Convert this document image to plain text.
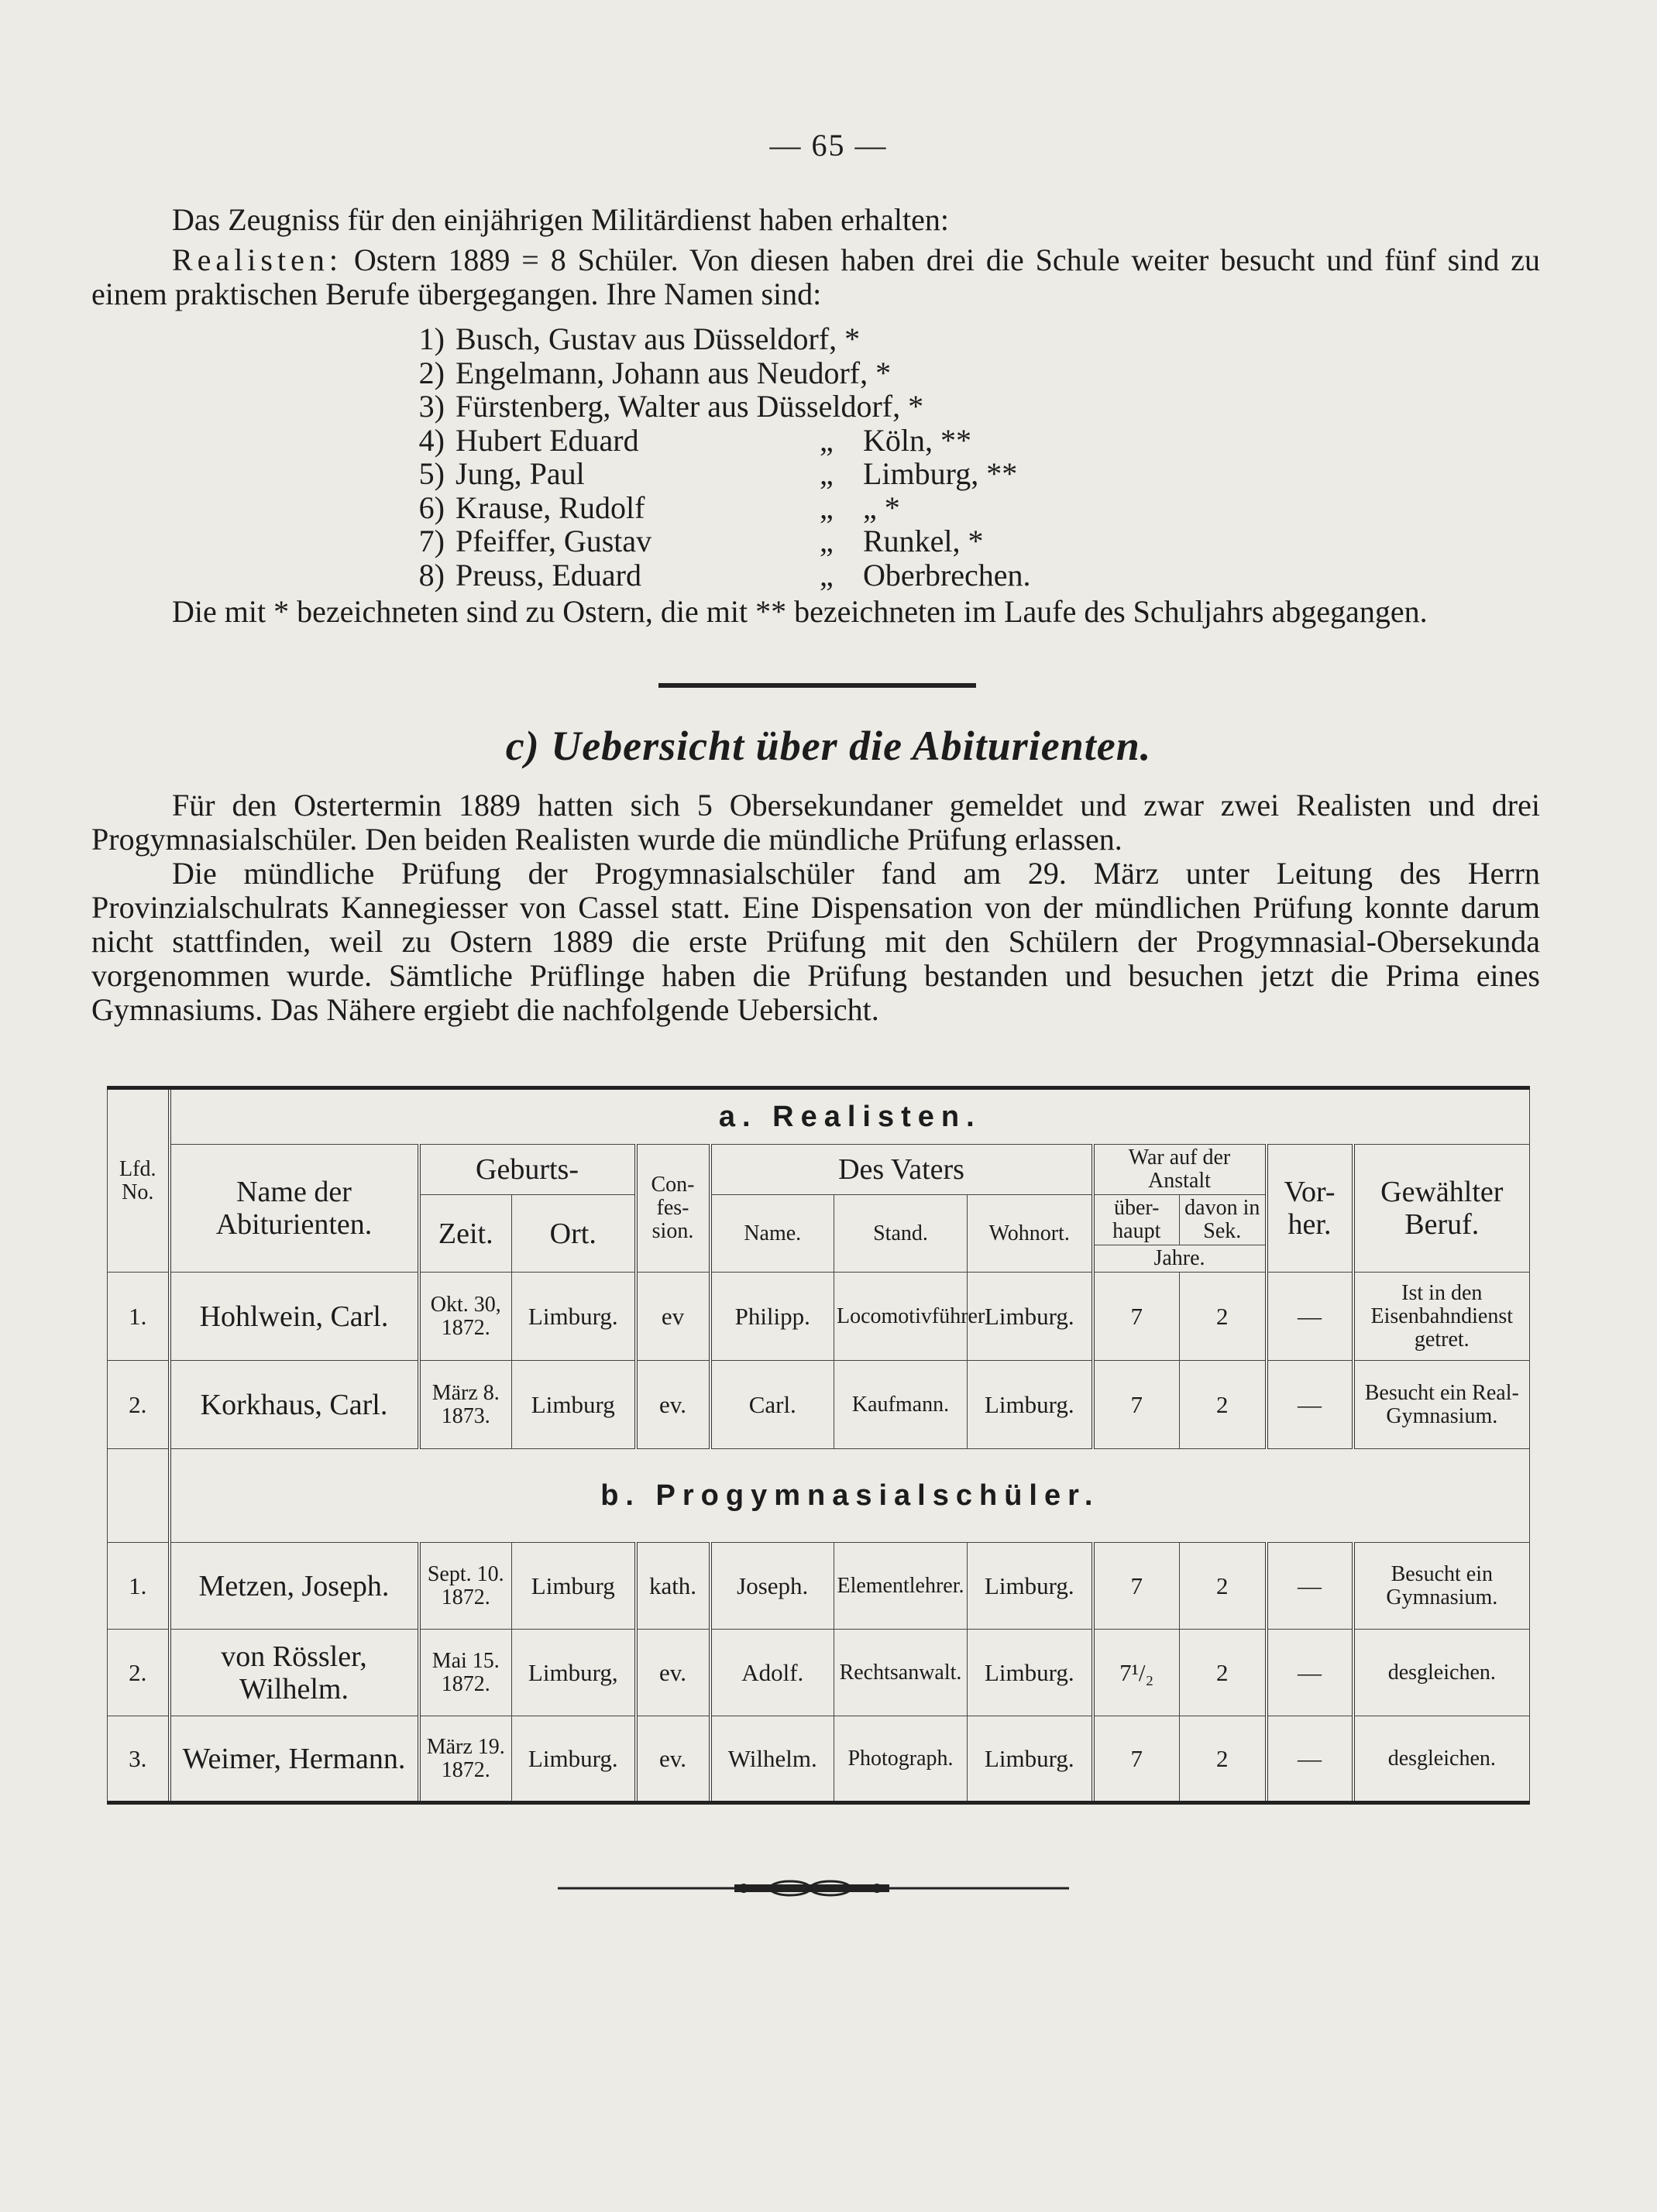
— 65 —
Das Zeugniss für den einjährigen Militärdienst haben erhalten:
Realisten: Ostern 1889 = 8 Schüler. Von diesen haben drei die Schule weiter besucht und fünf sind zu einem praktischen Berufe übergegangen. Ihre Namen sind:
1) Busch, Gustav aus Düsseldorf, *
2) Engelmann, Johann aus Neudorf, *
3) Fürstenberg, Walter aus Düsseldorf, *
4) Hubert Eduard	„ Köln, **
5) Jung, Paul	„ Limburg, **
6) Krause, Rudolf	„ „ *
7) Pfeiffer, Gustav	„ Runkel, *
8) Preuss, Eduard	„ Oberbrechen.
Die mit * bezeichneten sind zu Ostern, die mit ** bezeichneten im Laufe des Schuljahrs abgegangen.
c) Uebersicht über die Abiturienten.
Für den Ostertermin 1889 hatten sich 5 Obersekundaner gemeldet und zwar zwei Realisten und drei Progymnasialschüler. Den beiden Realisten wurde die mündliche Prüfung erlassen.
Die mündliche Prüfung der Progymnasialschüler fand am 29. März unter Leitung des Herrn Provinzialschulrats Kannegiesser von Cassel statt. Eine Dispensation von der mündlichen Prüfung konnte darum nicht stattfinden, weil zu Ostern 1889 die erste Prüfung mit den Schülern der Progymnasial-Obersekunda vorgenommen wurde. Sämtliche Prüflinge haben die Prüfung bestanden und besuchen jetzt die Prima eines Gymnasiums. Das Nähere ergiebt die nachfolgende Uebersicht.
Lfd. No.	a. Realisten.										
	Name der Abiturienten.	Geburts-		Con-fes-sion.	Des Vaters			War auf der Anstalt		Vor-her.	Gewählter Beruf.
		Zeit.	Ort.		Name.	Stand.	Wohnort.	über-haupt	davon in Sek.		
								Jahre.			
1.	Hohlwein, Carl.	Okt. 30, 1872.	Limburg.	ev	Philipp.	Locomotivführer	Limburg.	7	2	—	Ist in den Eisenbahndienst getret.
2.	Korkhaus, Carl.	März 8. 1873.	Limburg	ev.	Carl.	Kaufmann.	Limburg.	7	2	—	Besucht ein Real-Gymnasium.
	b. Progymnasialschüler.										
1.	Metzen, Joseph.	Sept. 10. 1872.	Limburg	kath.	Joseph.	Elementlehrer.	Limburg.	7	2	—	Besucht ein Gymnasium.
2.	von Rössler, Wilhelm.	Mai 15. 1872.	Limburg,	ev.	Adolf.	Rechtsanwalt.	Limburg.	7¹/₂	2	—	desgleichen.
3.	Weimer, Hermann.	März 19. 1872.	Limburg.	ev.	Wilhelm.	Photograph.	Limburg.	7	2	—	desgleichen.
